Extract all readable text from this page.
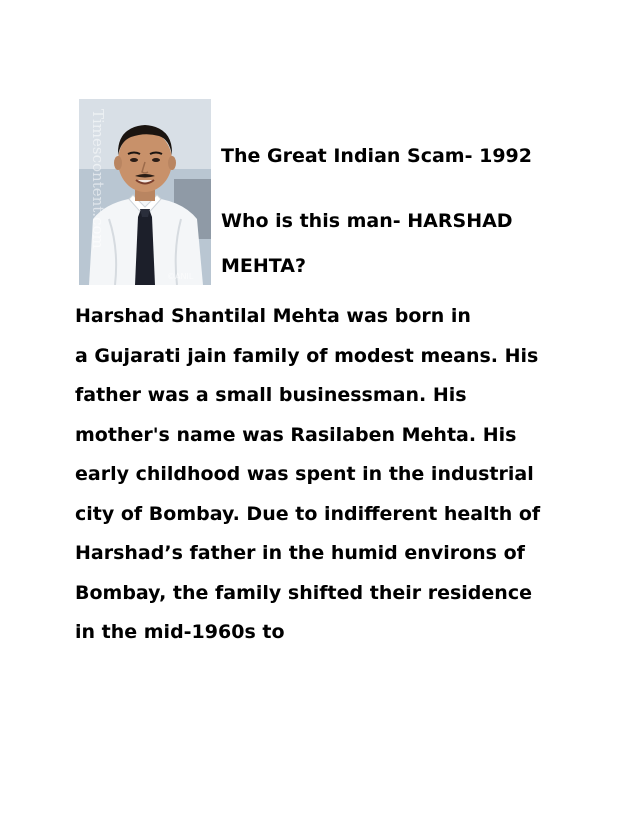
Timescontent.com
©ANIL
The Great Indian Scam- 1992
Who is this man- HARSHAD MEHTA?
Harshad Shantilal Mehta was born in
a Gujarati jain family of modest means. His
father was a small businessman. His
mother's name was Rasilaben Mehta. His
early childhood was spent in the industrial
city of Bombay. Due to indifferent health of
Harshad’s father in the humid environs of
Bombay, the family shifted their residence
in the mid-1960s to
